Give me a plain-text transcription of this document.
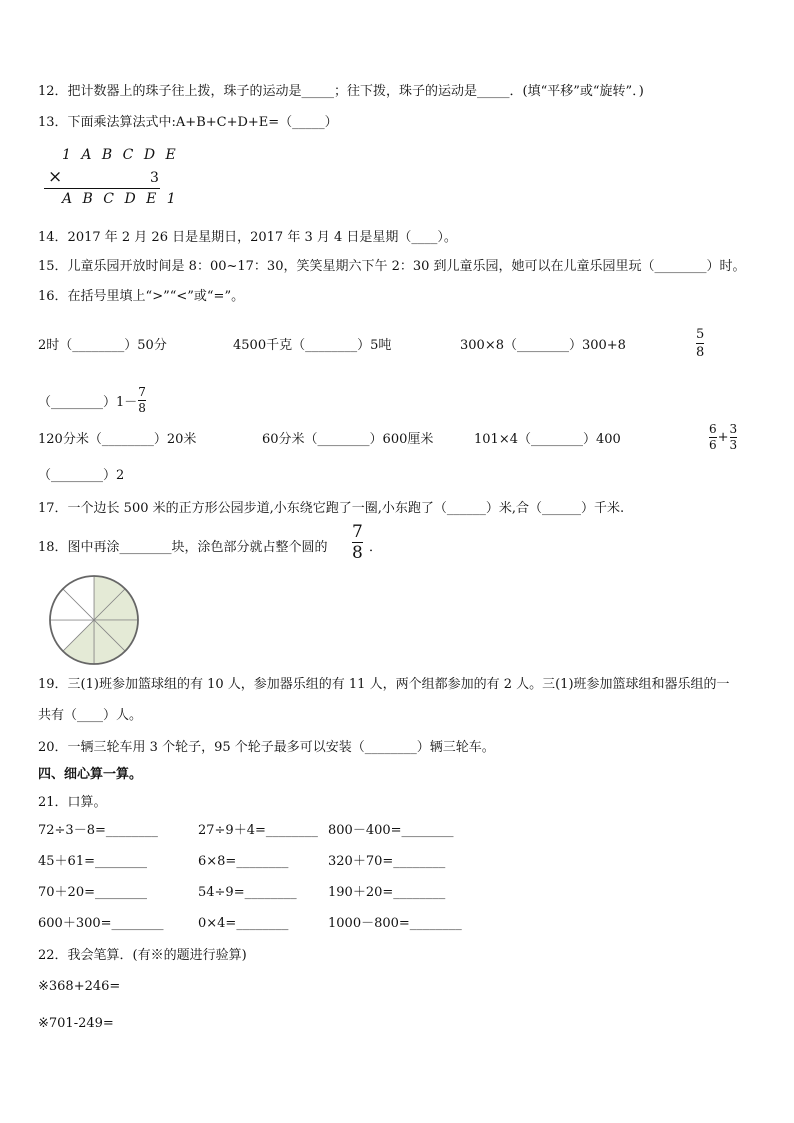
12．把计数器上的珠子往上拨，珠子的运动是_____；往下拨，珠子的运动是_____．(填“平移”或“旋转”．)
13．下面乘法算法式中:A+B+C+D+E=（_____）
1 A B C D E
×	3
A B C D E 1
14．2017 年 2 月 26 日是星期日，2017 年 3 月 4 日是星期（____）。
15．儿童乐园开放时间是 8：00~17：30，笑笑星期六下午 2：30 到儿童乐园，她可以在儿童乐园里玩（________）时。
16．在括号里填上“>”“<”或“=”。
2时（________）50分	4500千克（________）5吨	300×8（________）300+8
5
8
（________）1－ $\frac{7}{8}$
120分米（________）20米	60分米（________）600厘米	101×4（________）400
6
6 +
3
3
（________）2
17．一个边长 500 米的正方形公园步道,小东绕它跑了一圈,小东跑了（______）米,合（______）千米.
18．图中再涂________块，涂色部分就占整个圆的
7
8 ．
19．三(1)班参加篮球组的有 10 人，参加器乐组的有 11 人，两个组都参加的有 2 人。三(1)班参加篮球组和器乐组的一
共有（____）人。
20．一辆三轮车用 3 个轮子，95 个轮子最多可以安装（________）辆三轮车。
四、细心算一算。
21．口算。
72÷3－8=________	27÷9＋4=________ 800－400=________
45＋61=________	6×8=________	320＋70=________
70＋20=________	54÷9=________ 190＋20=________
600＋300=________	0×4=________	1000－800=________
22．我会笔算．(有※的题进行验算)
※368+246=
※701-249=
